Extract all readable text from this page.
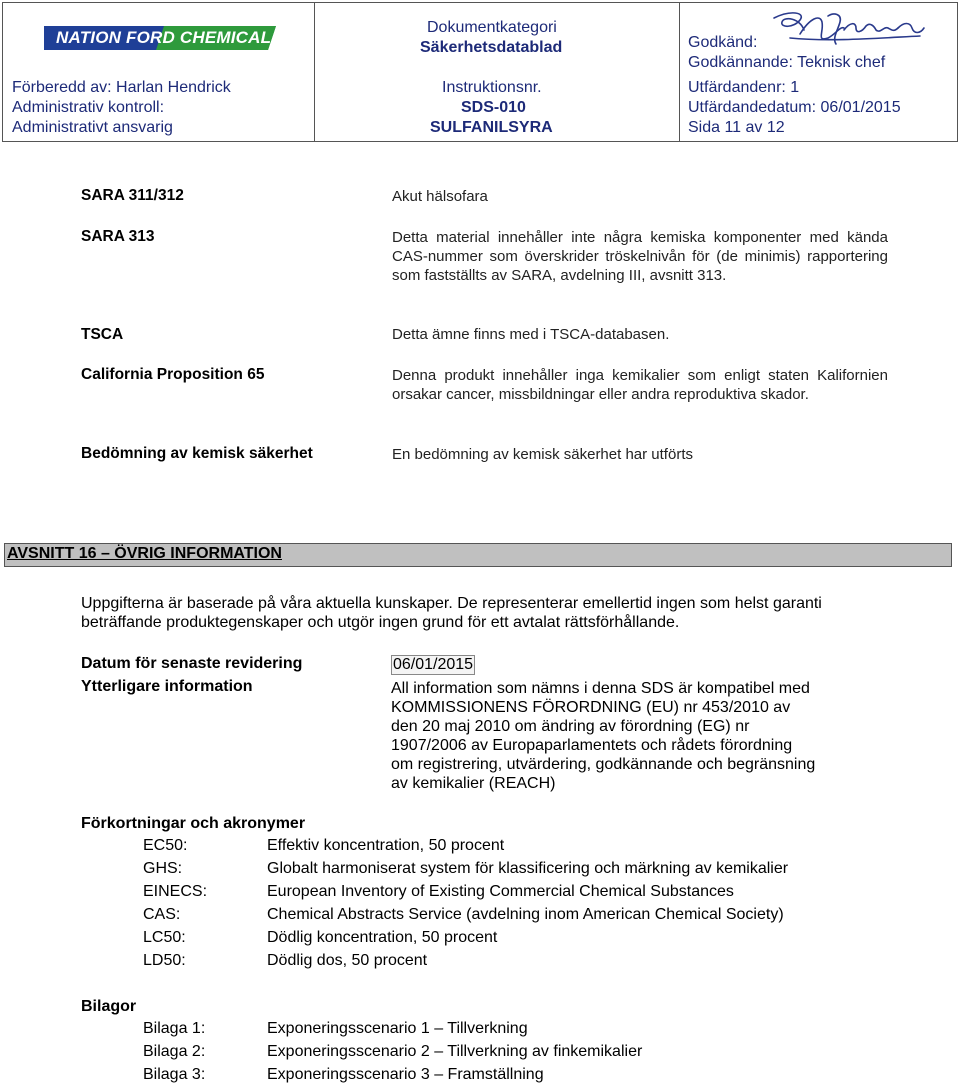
NATION FORD CHEMICAL
Förberedd av: Harlan Hendrick
Administrativ kontroll:
Administrativt ansvarig
Dokumentkategori
Säkerhetsdatablad
Instruktionsnr.
SDS-010
SULFANILSYRA
Godkänd:
Godkännande: Teknisk chef
Utfärdandenr: 1
Utfärdandedatum: 06/01/2015
Sida 11 av 12
SARA 311/312	Akut hälsofara
SARA 313	Detta material innehåller inte några kemiska komponenter med kända CAS-nummer som överskrider tröskelnivån för (de minimis) rapportering som fastställts av SARA, avdelning III, avsnitt 313.
TSCA	Detta ämne finns med i TSCA-databasen.
California Proposition 65	Denna produkt innehåller inga kemikalier som enligt staten Kalifornien orsakar cancer, missbildningar eller andra reproduktiva skador.
Bedömning av kemisk säkerhet	En bedömning av kemisk säkerhet har utförts
AVSNITT 16 – ÖVRIG INFORMATION
Uppgifterna är baserade på våra aktuella kunskaper. De representerar emellertid ingen som helst garanti beträffande produktegenskaper och utgör ingen grund för ett avtalat rättsförhållande.
Datum för senaste revidering	06/01/2015
Ytterligare information	All information som nämns i denna SDS är kompatibel med
KOMMISSIONENS FÖRORDNING (EU) nr 453/2010 av
den 20 maj 2010 om ändring av förordning (EG) nr
1907/2006 av Europaparlamentets och rådets förordning
om registrering, utvärdering, godkännande och begränsning
av kemikalier (REACH)
Förkortningar och akronymer
EC50:	Effektiv koncentration, 50 procent
GHS:	Globalt harmoniserat system för klassificering och märkning av kemikalier
EINECS:	European Inventory of Existing Commercial Chemical Substances
CAS:	Chemical Abstracts Service (avdelning inom American Chemical Society)
LC50:	Dödlig koncentration, 50 procent
LD50:	Dödlig dos, 50 procent
Bilagor
Bilaga 1:	Exponeringsscenario 1 – Tillverkning
Bilaga 2:	Exponeringsscenario 2 – Tillverkning av finkemikalier
Bilaga 3:	Exponeringsscenario 3 – Framställning
